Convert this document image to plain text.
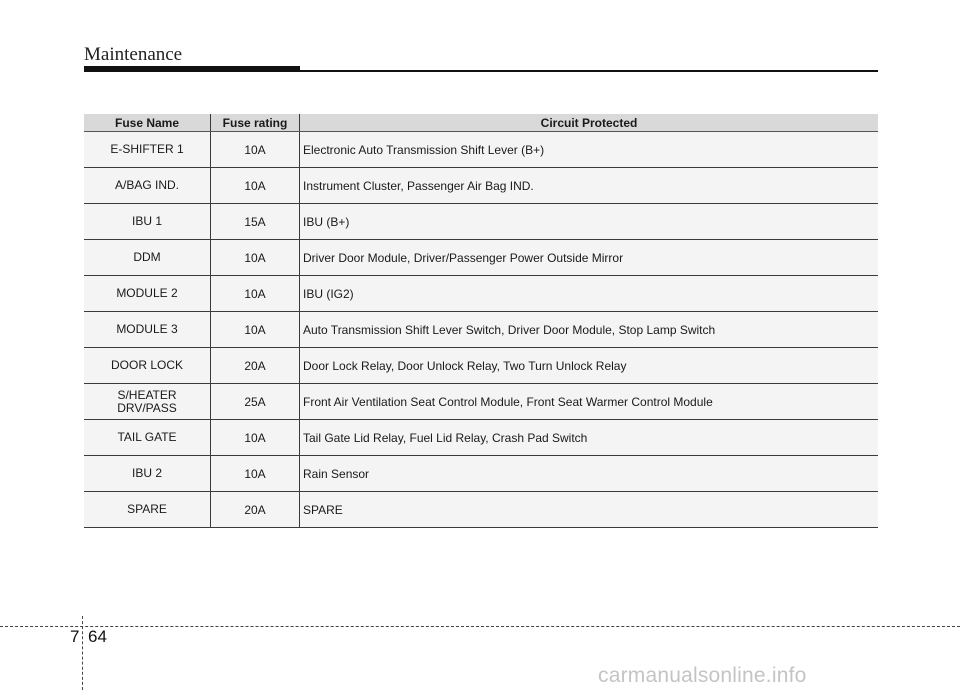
Maintenance
Fuse Name	Fuse rating	Circuit Protected

E-SHIFTER 1	10A	Electronic Auto Transmission Shift Lever (B+)

A/BAG IND.	10A	Instrument Cluster, Passenger Air Bag IND.

IBU 1	15A	IBU (B+)

DDM	10A	Driver Door Module, Driver/Passenger Power Outside Mirror

MODULE 2	10A	IBU (IG2)

MODULE 3	10A	Auto Transmission Shift Lever Switch, Driver Door Module, Stop Lamp Switch

DOOR LOCK	20A	Door Lock Relay, Door Unlock Relay, Two Turn Unlock Relay

S/HEATER
DRV/PASS	25A	Front Air Ventilation Seat Control Module, Front Seat Warmer Control Module

TAIL GATE	10A	Tail Gate Lid Relay, Fuel Lid Relay, Crash Pad Switch

IBU 2	10A	Rain Sensor

SPARE	20A	SPARE
7 64
carmanualsonline.info
